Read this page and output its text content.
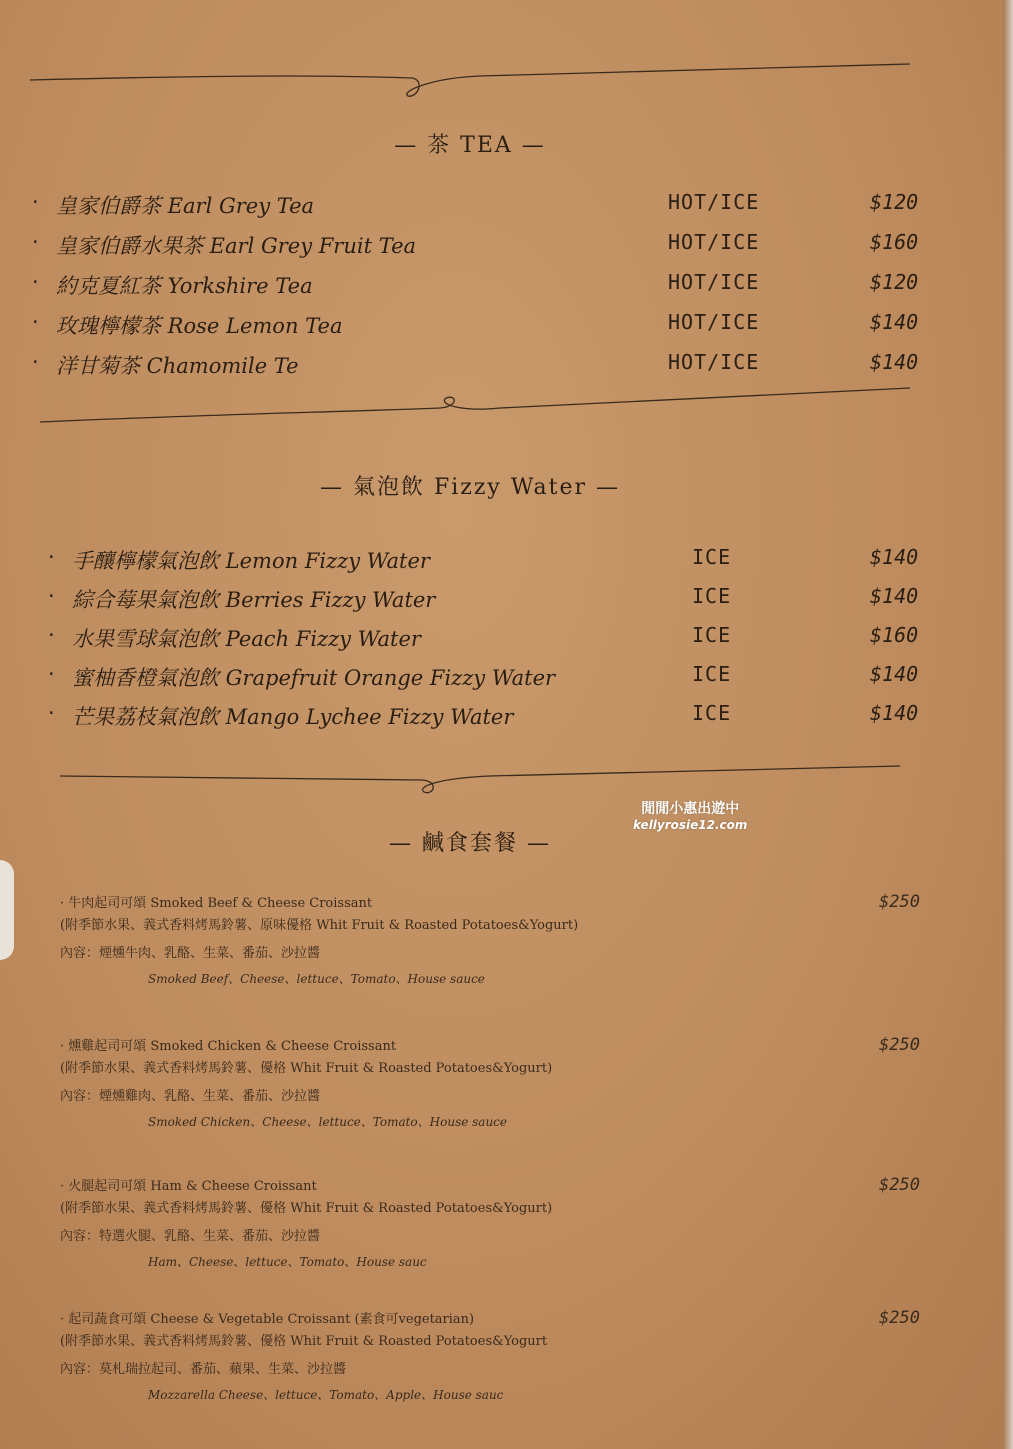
— 茶 TEA —
· 皇家伯爵茶 Earl Grey Tea	HOT/ICE	$120
· 皇家伯爵水果茶 Earl Grey Fruit Tea	HOT/ICE	$160
· 約克夏紅茶 Yorkshire Tea	HOT/ICE	$120
· 玫瑰檸檬茶 Rose Lemon Tea	HOT/ICE	$140
· 洋甘菊茶 Chamomile Te	HOT/ICE	$140
— 氣泡飲 Fizzy Water —
· 手釀檸檬氣泡飲 Lemon Fizzy Water	ICE	$140
· 綜合莓果氣泡飲 Berries Fizzy Water	ICE	$140
· 水果雪球氣泡飲 Peach Fizzy Water	ICE	$160
· 蜜柚香橙氣泡飲 Grapefruit Orange Fizzy Water	ICE	$140
· 芒果荔枝氣泡飲 Mango Lychee Fizzy Water	ICE	$140
閒閒小惠出遊中
kellyrosie12.com
— 鹹食套餐 —
· 牛肉起司可頌 Smoked Beef & Cheese Croissant	$250
(附季節水果、義式香料烤馬鈴薯、原味優格 Whit Fruit & Roasted Potatoes&Yogurt)
內容：煙燻牛肉、乳酪、生菜、番茄、沙拉醬
Smoked Beef、Cheese、lettuce、Tomato、House sauce
· 燻雞起司可頌 Smoked Chicken & Cheese Croissant	$250
(附季節水果、義式香料烤馬鈴薯、優格 Whit Fruit & Roasted Potatoes&Yogurt)
內容：煙燻雞肉、乳酪、生菜、番茄、沙拉醬
Smoked Chicken、Cheese、lettuce、Tomato、House sauce
· 火腿起司可頌 Ham & Cheese Croissant	$250
(附季節水果、義式香料烤馬鈴薯、優格 Whit Fruit & Roasted Potatoes&Yogurt)
內容：特選火腿、乳酪、生菜、番茄、沙拉醬
Ham、Cheese、lettuce、Tomato、House sauc
· 起司蔬食可頌 Cheese & Vegetable Croissant (素食可vegetarian)	$250
(附季節水果、義式香料烤馬鈴薯、優格 Whit Fruit & Roasted Potatoes&Yogurt
內容：莫札瑞拉起司、番茄、蘋果、生菜、沙拉醬
Mozzarella Cheese、lettuce、Tomato、Apple、House sauc
